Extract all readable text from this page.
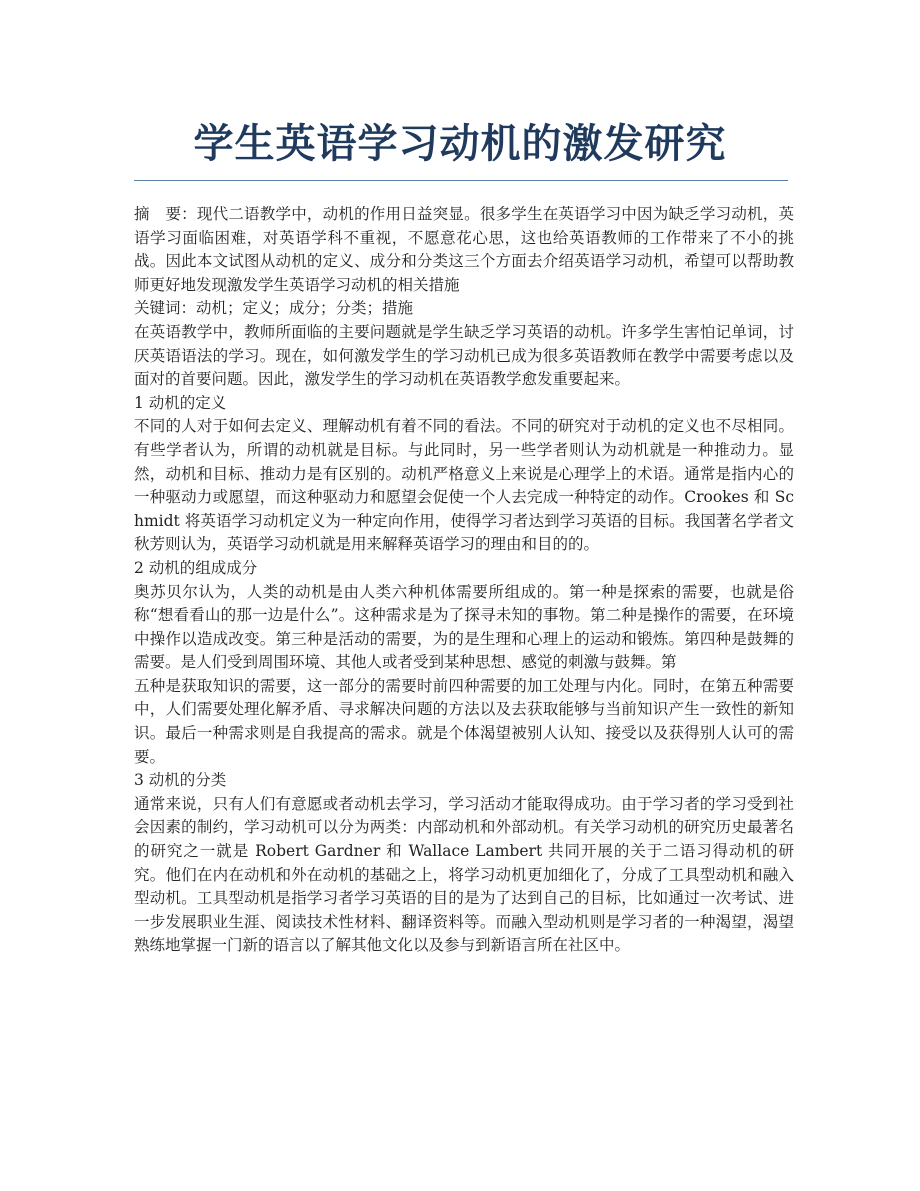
学生英语学习动机的激发研究

摘　要：现代二语教学中，动机的作用日益突显。很多学生在英语学习中因为缺乏学习动机，英语学习面临困难，对英语学科不重视，不愿意花心思，这也给英语教师的工作带来了不小的挑战。因此本文试图从动机的定义、成分和分类这三个方面去介绍英语学习动机，希望可以帮助教师更好地发现激发学生英语学习动机的相关措施

关键词：动机；定义；成分；分类；措施

在英语教学中，教师所面临的主要问题就是学生缺乏学习英语的动机。许多学生害怕记单词，讨厌英语语法的学习。现在，如何激发学生的学习动机已成为很多英语教师在教学中需要考虑以及面对的首要问题。因此，激发学生的学习动机在英语教学愈发重要起来。

1 动机的定义

不同的人对于如何去定义、理解动机有着不同的看法。不同的研究对于动机的定义也不尽相同。有些学者认为，所谓的动机就是目标。与此同时，另一些学者则认为动机就是一种推动力。显然，动机和目标、推动力是有区别的。动机严格意义上来说是心理学上的术语。通常是指内心的一种驱动力或愿望，而这种驱动力和愿望会促使一个人去完成一种特定的动作。Crookes 和 Schmidt 将英语学习动机定义为一种定向作用，使得学习者达到学习英语的目标。我国著名学者文秋芳则认为，英语学习动机就是用来解释英语学习的理由和目的的。

2 动机的组成成分

奥苏贝尔认为，人类的动机是由人类六种机体需要所组成的。第一种是探索的需要，也就是俗称“想看看山的那一边是什么”。这种需求是为了探寻未知的事物。第二种是操作的需要，在环境中操作以造成改变。第三种是活动的需要，为的是生理和心理上的运动和锻炼。第四种是鼓舞的需要。是人们受到周围环境、其他人或者受到某种思想、感觉的刺激与鼓舞。第

五种是获取知识的需要，这一部分的需要时前四种需要的加工处理与内化。同时，在第五种需要中，人们需要处理化解矛盾、寻求解决问题的方法以及去获取能够与当前知识产生一致性的新知识。最后一种需求则是自我提高的需求。就是个体渴望被别人认知、接受以及获得别人认可的需要。

3 动机的分类

通常来说，只有人们有意愿或者动机去学习，学习活动才能取得成功。由于学习者的学习受到社会因素的制约，学习动机可以分为两类：内部动机和外部动机。有关学习动机的研究历史最著名的研究之一就是 Robert Gardner 和 Wallace Lambert 共同开展的关于二语习得动机的研究。他们在内在动机和外在动机的基础之上，将学习动机更加细化了，分成了工具型动机和融入型动机。工具型动机是指学习者学习英语的目的是为了达到自己的目标，比如通过一次考试、进一步发展职业生涯、阅读技术性材料、翻译资料等。而融入型动机则是学习者的一种渴望，渴望熟练地掌握一门新的语言以了解其他文化以及参与到新语言所在社区中。
